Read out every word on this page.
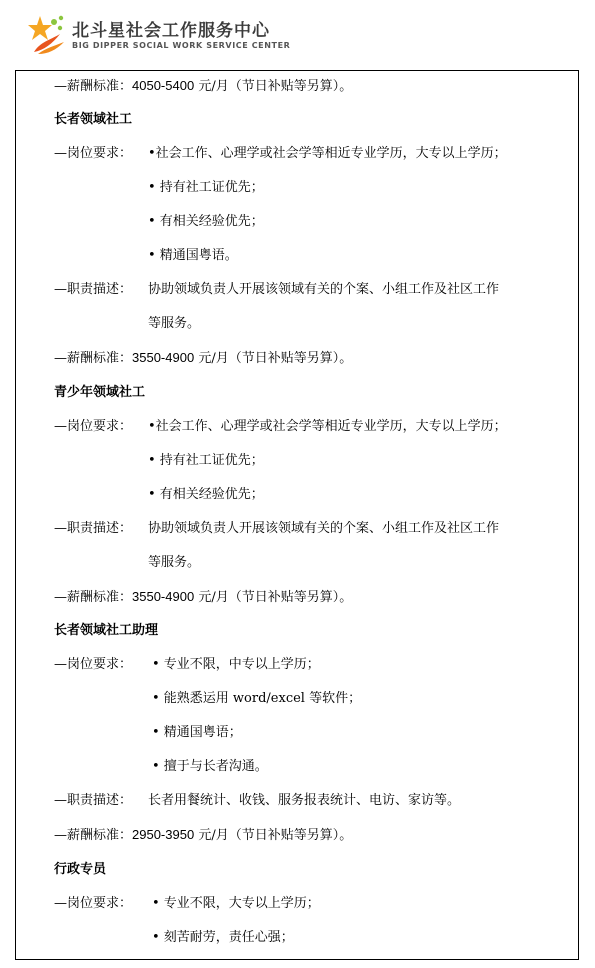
北斗星社会工作服务中心
BIG DIPPER SOCIAL WORK SERVICE CENTER
—薪酬标准：4050-5400 元/月（节日补贴等另算）。
长者领域社工
—岗位要求： •社会工作、心理学或社会学等相近专业学历，大专以上学历；
• 持有社工证优先；
• 有相关经验优先；
• 精通国粤语。
—职责描述： 协助领域负责人开展该领域有关的个案、小组工作及社区工作
等服务。
—薪酬标准：3550-4900 元/月（节日补贴等另算）。
青少年领域社工
—岗位要求： •社会工作、心理学或社会学等相近专业学历，大专以上学历；
• 持有社工证优先；
• 有相关经验优先；
—职责描述： 协助领域负责人开展该领域有关的个案、小组工作及社区工作
等服务。
—薪酬标准：3550-4900 元/月（节日补贴等另算）。
长者领域社工助理
—岗位要求： • 专业不限，中专以上学历；
• 能熟悉运用 word/excel 等软件；
• 精通国粤语；
• 擅于与长者沟通。
—职责描述： 长者用餐统计、收钱、服务报表统计、电访、家访等。
—薪酬标准：2950-3950 元/月（节日补贴等另算）。
行政专员
—岗位要求： • 专业不限，大专以上学历；
• 刻苦耐劳，责任心强；
